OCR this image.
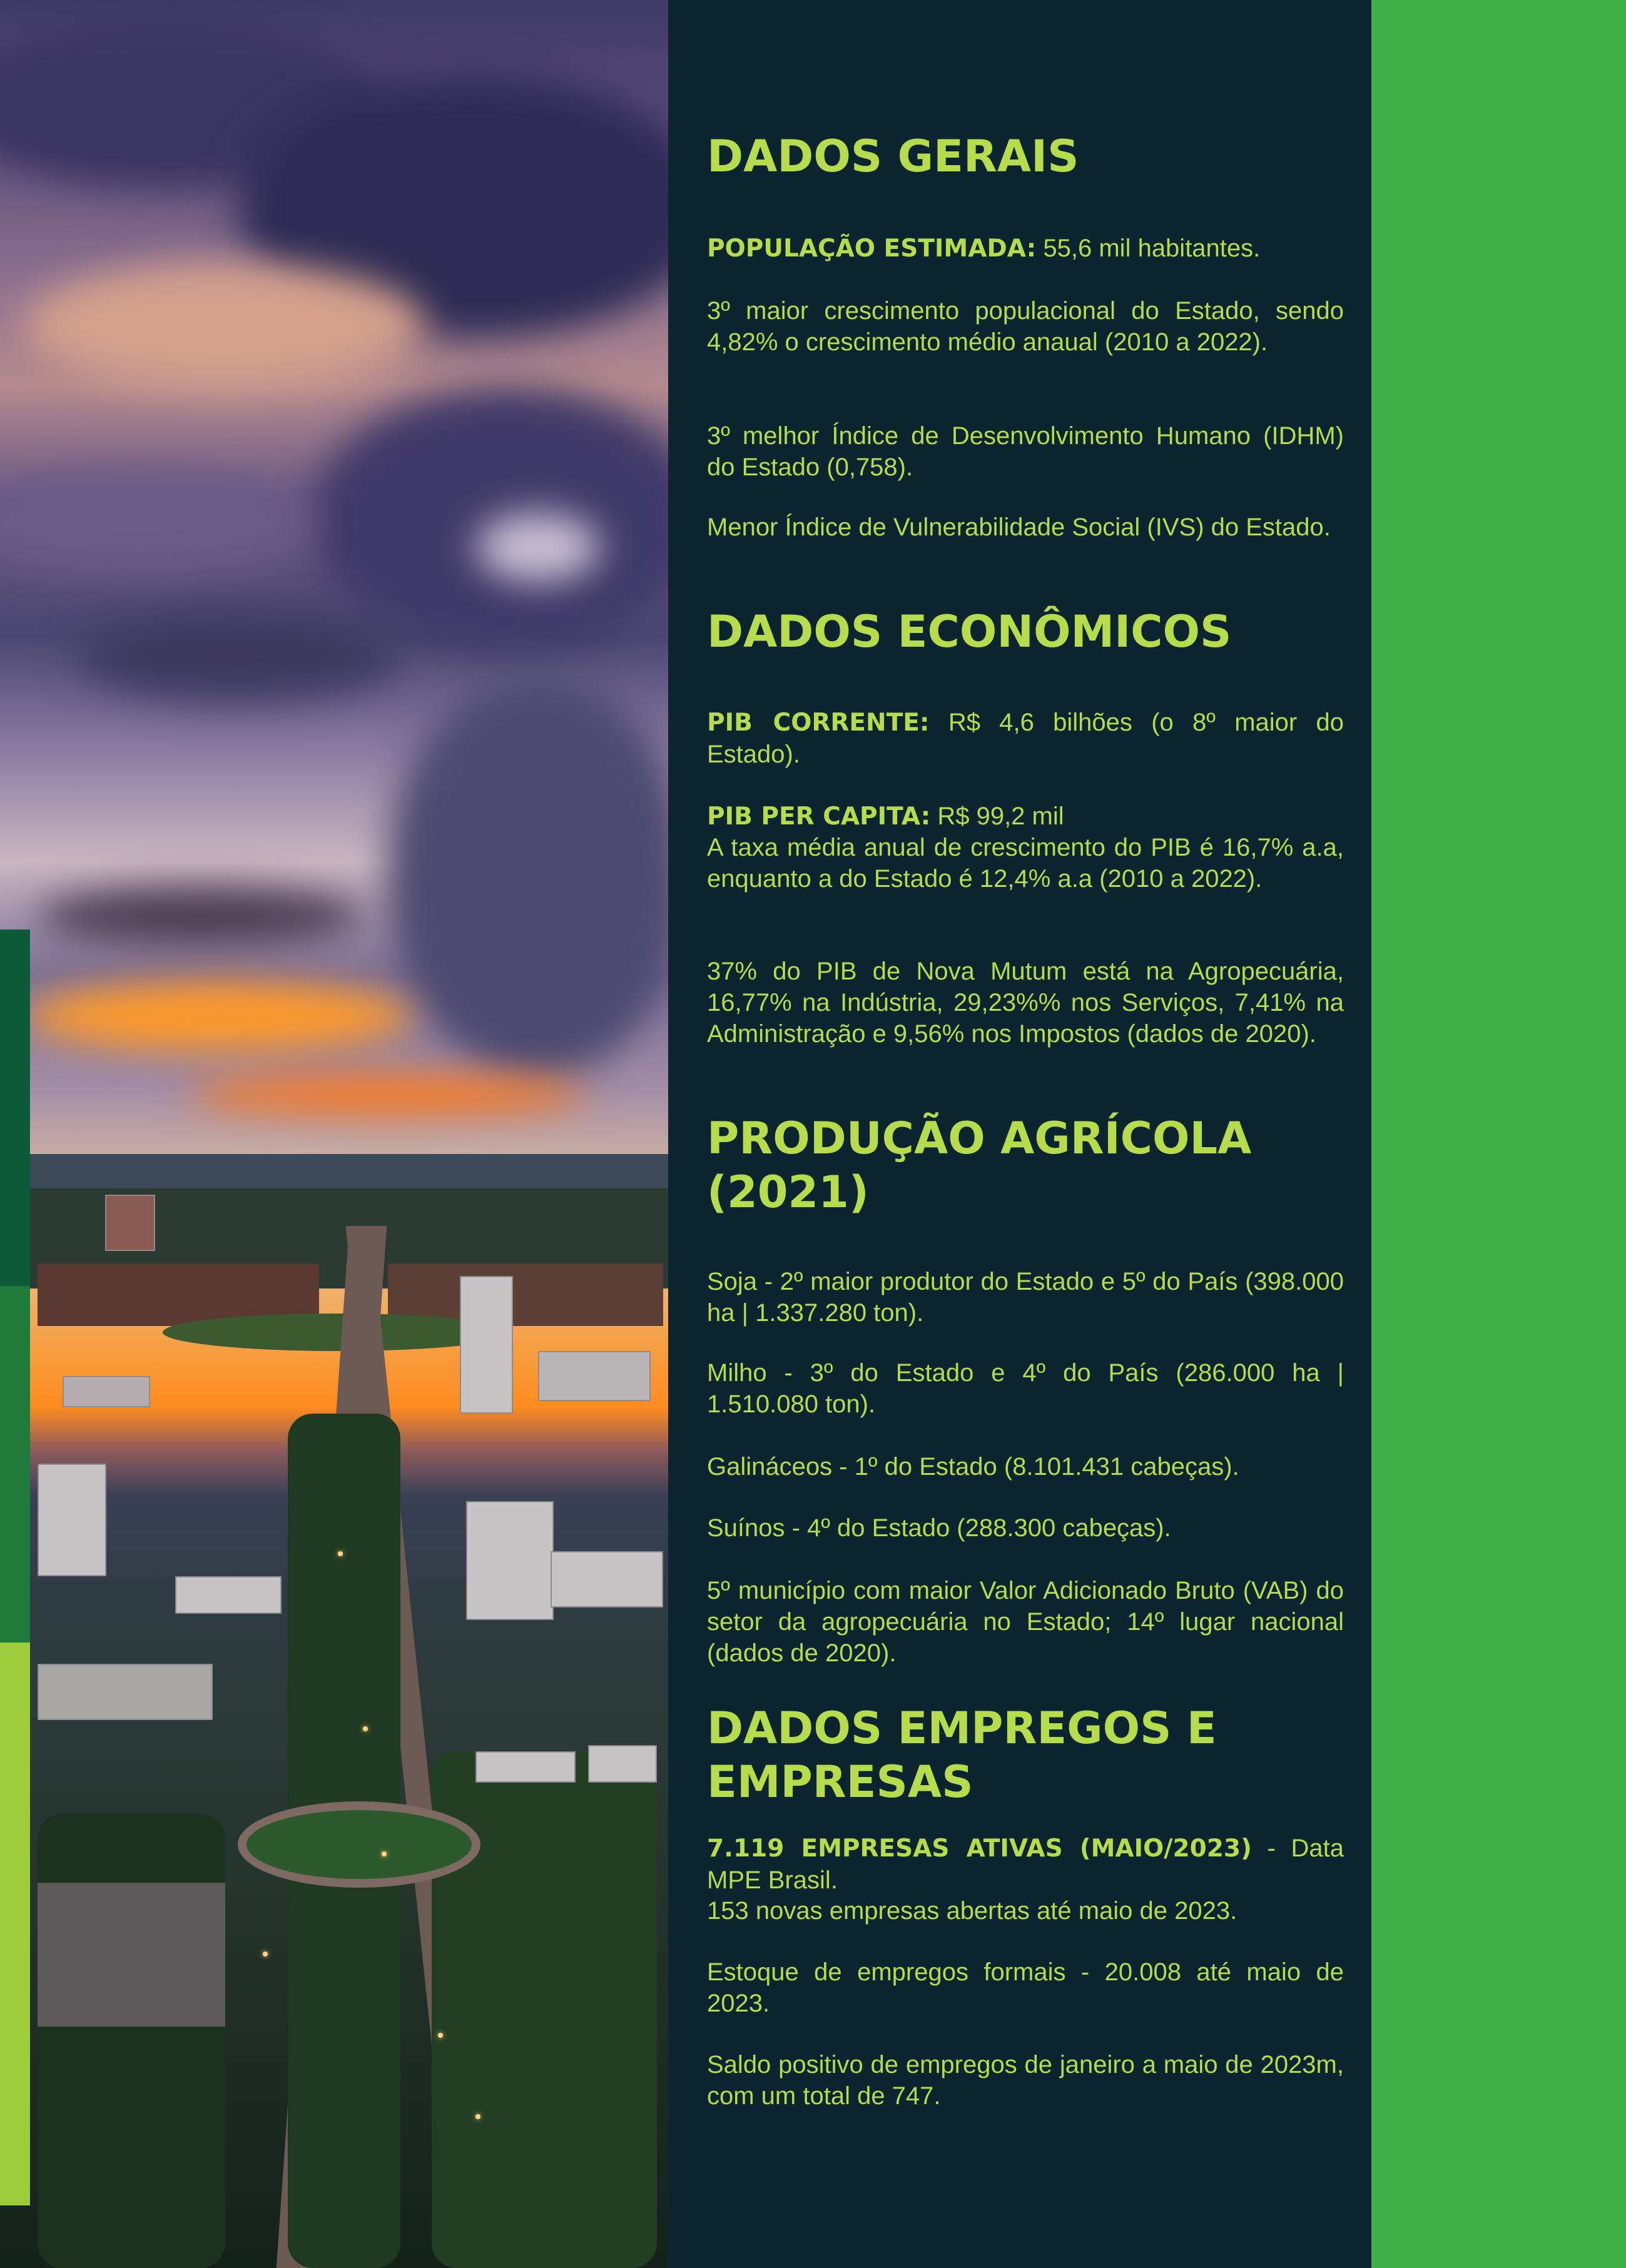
DADOS GERAIS

POPULAÇÃO ESTIMADA: 55,6 mil habitantes.

3º maior crescimento populacional do Estado, sendo 4,82% o crescimento médio anaual (2010 a 2022).

3º melhor Índice de Desenvolvimento Humano (IDHM) do Estado (0,758).

Menor Índice de Vulnerabilidade Social (IVS) do Estado.

DADOS ECONÔMICOS

PIB CORRENTE: R$ 4,6 bilhões (o 8º maior do Estado).

PIB PER CAPITA: R$ 99,2 mil

A taxa média anual de crescimento do PIB é 16,7% a.a, enquanto a do Estado é 12,4% a.a (2010 a 2022).

37% do PIB de Nova Mutum está na Agropecuária, 16,77% na Indústria, 29,23%% nos Serviços, 7,41% na Administração e 9,56% nos Impostos (dados de 2020).

PRODUÇÃO AGRÍCOLA (2021)

Soja - 2º maior produtor do Estado e 5º do País (398.000 ha | 1.337.280 ton).

Milho - 3º do Estado e 4º do País (286.000 ha | 1.510.080 ton).

Galináceos - 1º do Estado (8.101.431 cabeças).

Suínos - 4º do Estado (288.300 cabeças).

5º município com maior Valor Adicionado Bruto (VAB) do setor da agropecuária no Estado; 14º lugar nacional (dados de 2020).

DADOS EMPREGOS E EMPRESAS

7.119 EMPRESAS ATIVAS (MAIO/2023) - Data MPE Brasil.

153 novas empresas abertas até maio de 2023.

Estoque de empregos formais - 20.008 até maio de 2023.

Saldo positivo de empregos de janeiro a maio de 2023m, com um total de 747.
